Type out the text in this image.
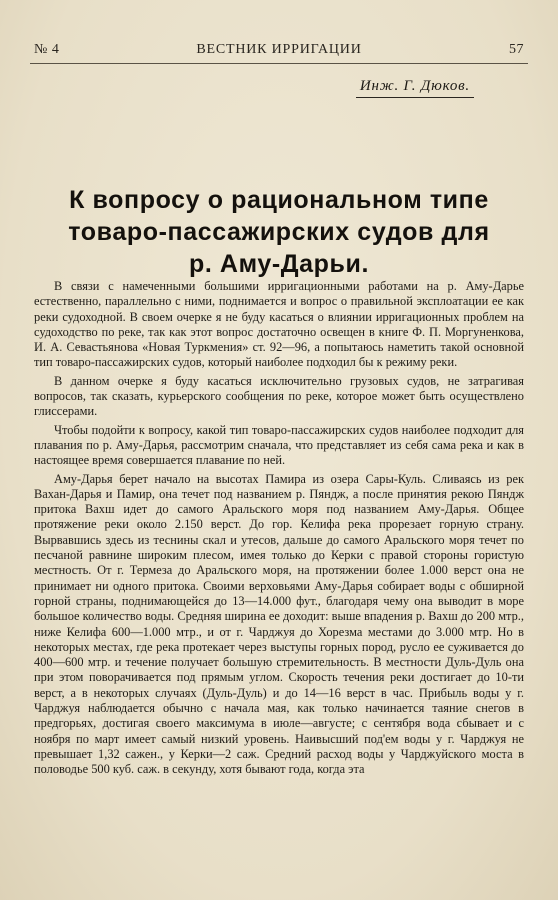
№ 4	ВЕСТНИК ИРРИГАЦИИ	57
Инж. Г. Дюков.
К вопросу о рациональном типе
товаро-пассажирских судов для
р. Аму-Дарьи.

В связи с намеченными большими ирригационными работами на р. Аму-Дарье естественно, параллельно с ними, поднимается и вопрос о правильной эксплоатации ее как реки судоходной. В своем очерке я не буду касаться о влиянии ирригационных проблем на судоходство по реке, так как этот вопрос достаточно освещен в книге Ф. П. Моргуненкова, И. А. Севастьянова «Новая Туркмения» ст. 92—96, а попытаюсь наметить такой основной тип товаро-пассажирских судов, который наиболее подходил бы к режиму реки.

В данном очерке я буду касаться исключительно грузовых судов, не затрагивая вопросов, так сказать, курьерского сообщения по реке, которое может быть осуществлено глиссерами.

Чтобы подойти к вопросу, какой тип товаро-пассажирских судов наиболее подходит для плавания по р. Аму-Дарья, рассмотрим сначала, что представляет из себя сама река и как в настоящее время совершается плавание по ней.

Аму-Дарья берет начало на высотах Памира из озера Сары-Куль. Сливаясь из рек Вахан-Дарья и Памир, она течет под названием р. Пяндж, а после принятия рекою Пяндж притока Вахш идет до самого Аральского моря под названием Аму-Дарья. Общее протяжение реки около 2.150 верст. До гор. Келифа река прорезает горную страну. Вырвавшись здесь из теснины скал и утесов, дальше до самого Аральского моря течет по песчаной равнине широким плесом, имея только до Керки с правой стороны гористую местность. От г. Термеза до Аральского моря, на протяжении более 1.000 верст она не принимает ни одного притока. Своими верховьями Аму-Дарья собирает воды с обширной горной страны, поднимающейся до 13—14.000 фут., благодаря чему она выводит в море большое количество воды. Средняя ширина ее доходит: выше впадения р. Вахш до 200 мтр., ниже Келифа 600—1.000 мтр., и от г. Чарджуя до Хорезма местами до 3.000 мтр. Но в некоторых местах, где река протекает через выступы горных пород, русло ее суживается до 400—600 мтр. и течение получает большую стремительность. В местности Дуль-Дуль она при этом поворачивается под прямым углом. Скорость течения реки достигает до 10-ти верст, а в некоторых случаях (Дуль-Дуль) и до 14—16 верст в час. Прибыль воды у г. Чарджуя наблюдается обычно с начала мая, как только начинается таяние снегов в предгорьях, достигая своего максимума в июле—августе; с сентября вода сбывает и с ноября по март имеет самый низкий уровень. Наивысший под'ем воды у г. Чарджуя не превышает 1,32 сажен., у Керки—2 саж. Средний расход воды у Чарджуйского моста в половодье 500 куб. саж. в секунду, хотя бывают года, когда эта
